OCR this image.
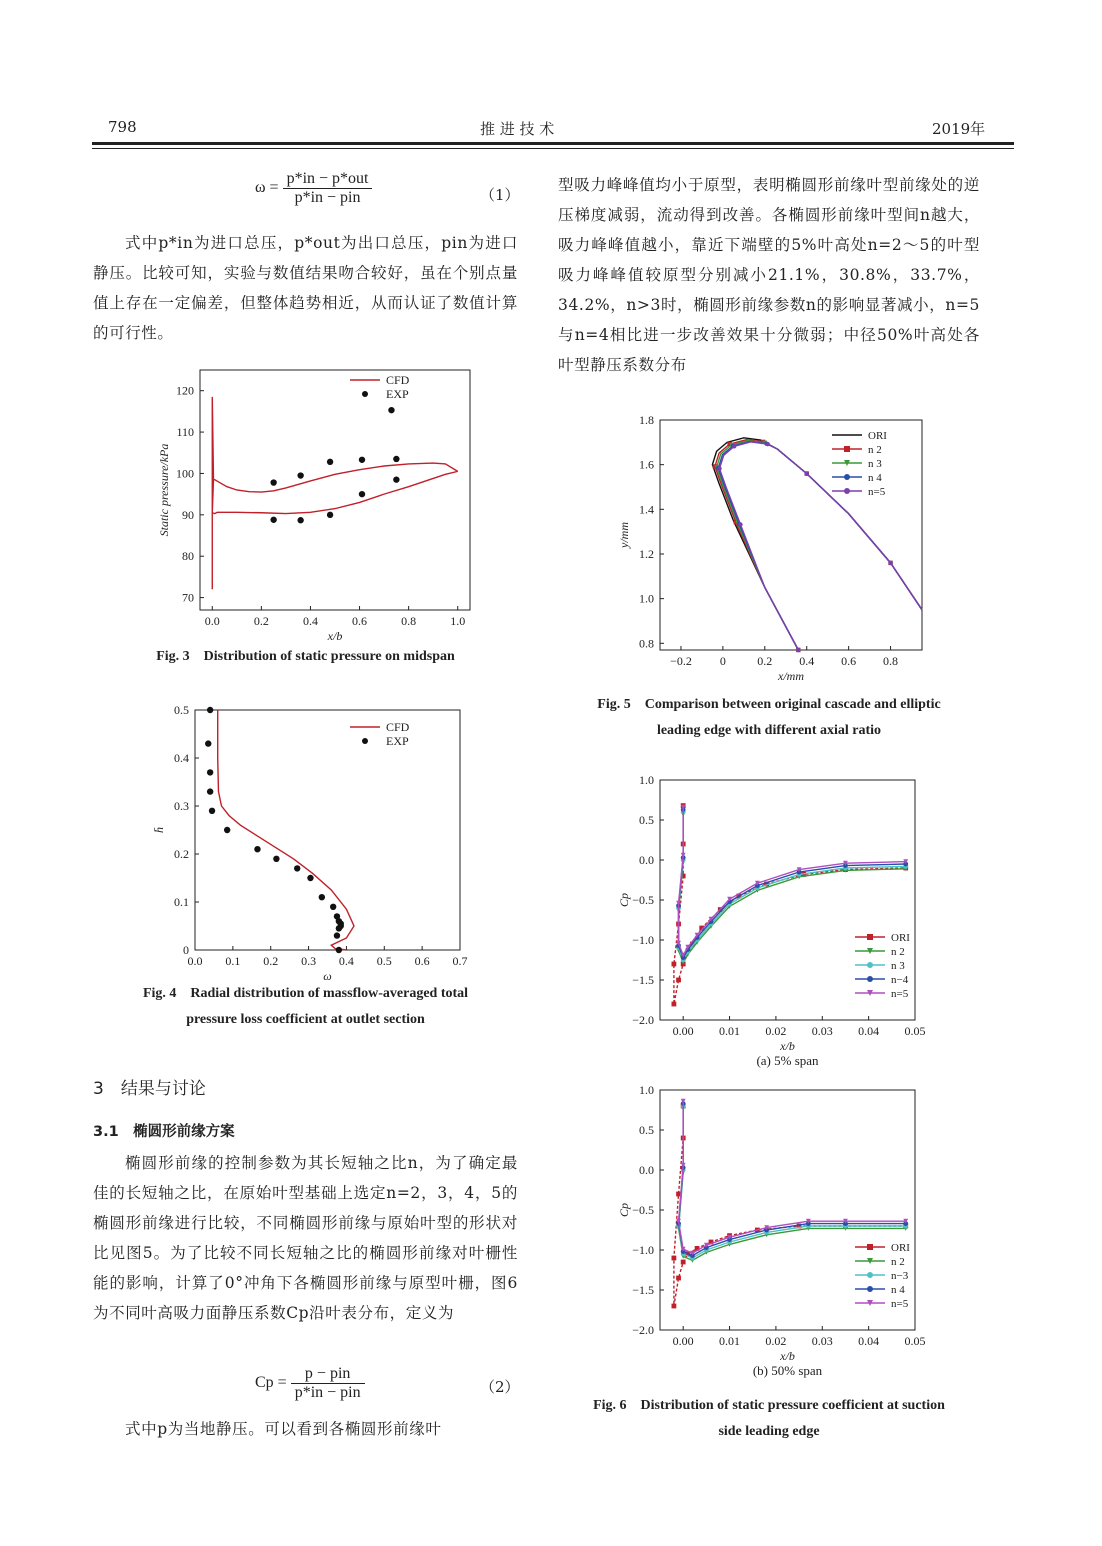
798	推 进 技 术	2019年
$\omega = \frac{\text{p*in − p*out}}{\text{p*in − pin}}$	（1）

式中p*in为进口总压，p*out为出口总压，pin为进口静压。比较可知，实验与数值结果吻合较好，虽在个别点量值上存在一定偏差，但整体趋势相近，从而认证了数值计算的可行性。

0.0	0.2	0.4	0.6	0.8	1.0
70
80
90
100
110
120
x/b
Static pressure/kPa
CFD
EXP
Fig. 3　Distribution of static pressure on midspan
0.0 0.1 0.2 0.3 0.4 0.5 0.6 0.7
0
0.1
0.2
0.3
0.4
0.5
ω
h̄
CFD
EXP
Fig. 4　Radial distribution of massflow-averaged total
pressure loss coefficient at outlet section
3　结果与讨论
3.1　椭圆形前缘方案

椭圆形前缘的控制参数为其长短轴之比n，为了确定最佳的长短轴之比，在原始叶型基础上选定n=2，3，4，5的椭圆形前缘进行比较，不同椭圆形前缘与原始叶型的形状对比见图5。为了比较不同长短轴之比的椭圆形前缘对叶栅性能的影响，计算了0°冲角下各椭圆形前缘与原型叶栅，图6为不同叶高吸力面静压系数Cp沿叶表分布，定义为

$Cp = \frac{\text{p − pin}}{\text{p*in − pin}}$	（2）

式中p为当地静压。可以看到各椭圆形前缘叶

型吸力峰峰值均小于原型，表明椭圆形前缘叶型前缘处的逆压梯度减弱，流动得到改善。各椭圆形前缘叶型间n越大，吸力峰峰值越小，靠近下端壁的5%叶高处n=2～5的叶型吸力峰峰值较原型分别减小21.1%，30.8%，33.7%，34.2%，n>3时，椭圆形前缘参数n的影响显著减小，n=5与n=4相比进一步改善效果十分微弱；中径50%叶高处各叶型静压系数分布

−0.2 0	0.2 0.4 0.6 0.8
0.8
1.0
1.2
1.4
1.6
1.8
x/mm
y/mm
ORI
n 2
n 3
n 4
n=5
Fig. 5　Comparison between original cascade and elliptic
leading edge with different axial ratio
0.00 0.01 0.02 0.03 0.04 0.05
1.0
0.5
0.0
−0.5
−1.0
−1.5
−2.0
x/b
Cp
ORI
n 2
n 3
n−4
n=5
(a) 5% span
0.00 0.01 0.02 0.03 0.04 0.05
1.0
0.5
0.0
−0.5
−1.0
−1.5
−2.0
x/b
Cp
ORI
n 2
n−3
n 4
n=5
(b) 50% span
Fig. 6　Distribution of static pressure coefficient at suction
side leading edge
